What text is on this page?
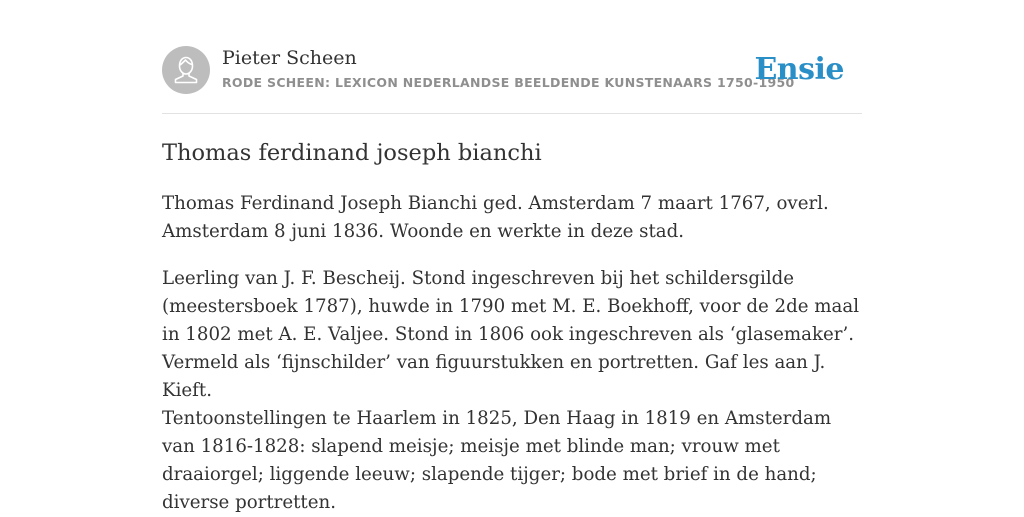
Pieter Scheen
RODE SCHEEN: LEXICON NEDERLANDSE BEELDENDE KUNSTENAARS 1750-1950
Ensie
Thomas ferdinand joseph bianchi

Thomas Ferdinand Joseph Bianchi ged. Amsterdam 7 maart 1767, overl. Amsterdam 8 juni 1836. Woonde en werkte in deze stad.

Leerling van J. F. Bescheij. Stond ingeschreven bij het schildersgilde (meestersboek 1787), huwde in 1790 met M. E. Boekhoff, voor de 2de maal in 1802 met A. E. Valjee. Stond in 1806 ook ingeschreven als ‘glasemaker’. Vermeld als ‘fijnschilder’ van figuurstukken en portretten. Gaf les aan J. Kieft.

Tentoonstellingen te Haarlem in 1825, Den Haag in 1819 en Amsterdam van 1816-1828: slapend meisje; meisje met blinde man; vrouw met draaiorgel; liggende leeuw; slapende tijger; bode met brief in de hand; diverse portretten.
